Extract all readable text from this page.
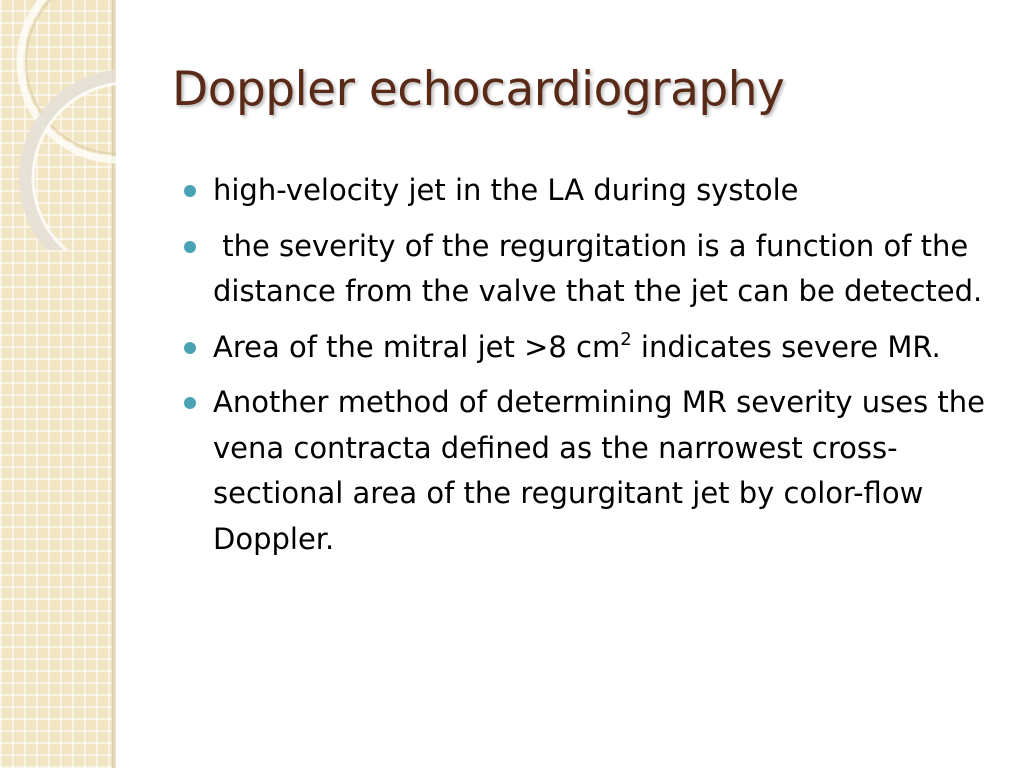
Doppler echocardiography
high-velocity jet in the LA during systole
the severity of the regurgitation is a function of the distance from the valve that the jet can be detected.
Area of the mitral jet >8 $cm^2$ indicates severe MR.
Another method of determining MR severity uses the vena contracta defined as the narrowest cross-sectional area of the regurgitant jet by color-flow Doppler.
